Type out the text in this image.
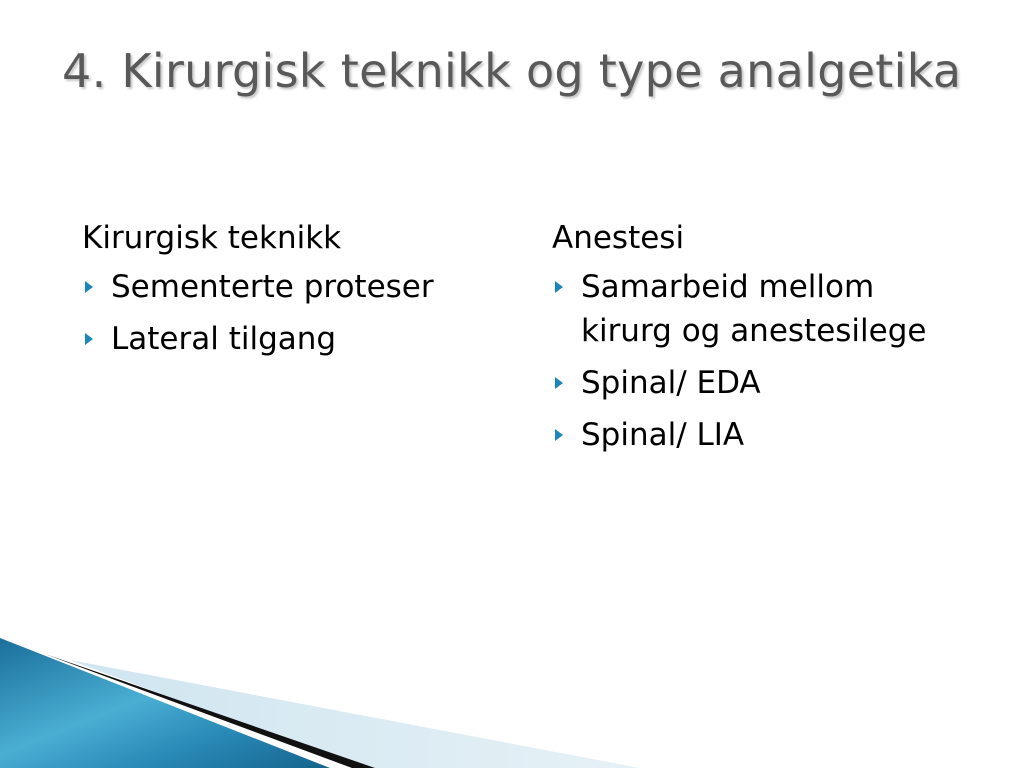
4. Kirurgisk teknikk og type analgetika
Kirurgisk teknikk
Sementerte proteser
Lateral tilgang
Anestesi
Samarbeid mellom kirurg og anestesilege
Spinal/ EDA
Spinal/ LIA
